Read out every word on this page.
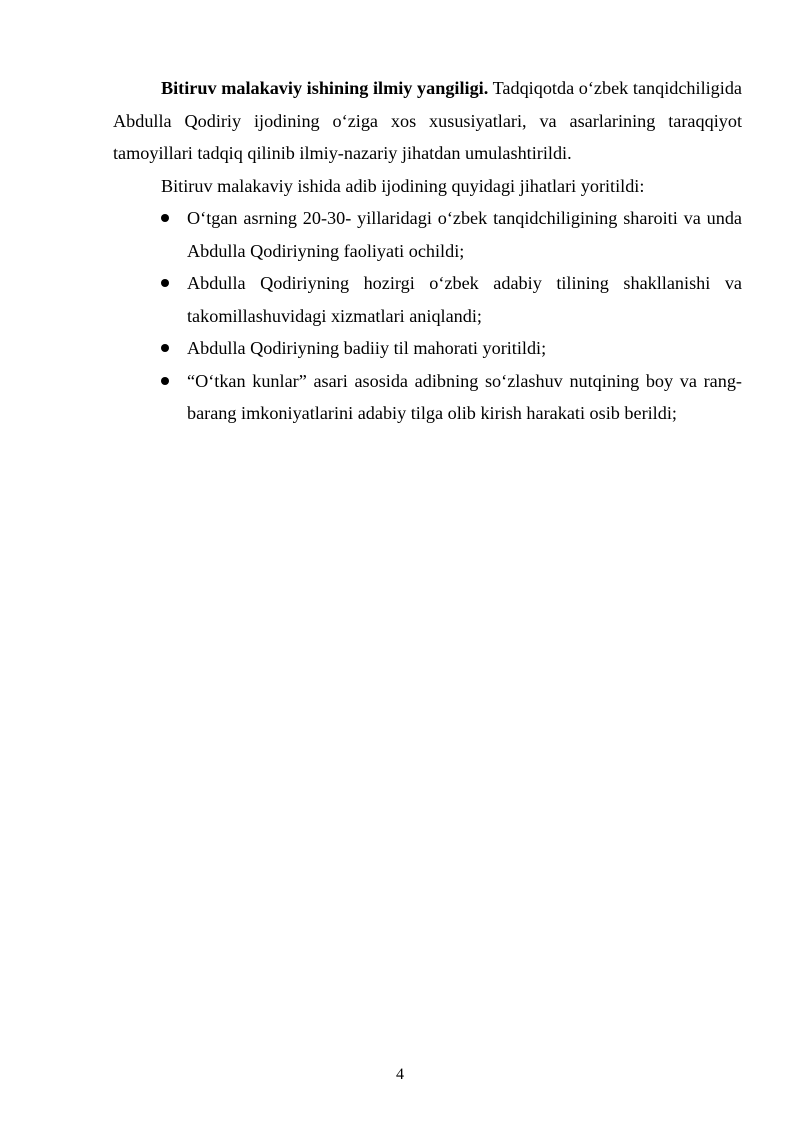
Bitiruv malakaviy ishining ilmiy yangiligi. Tadqiqotda o‘zbek tanqidchiligida Abdulla Qodiriy ijodining o‘ziga xos xususiyatlari, va asarlarining taraqqiyot tamoyillari tadqiq qilinib ilmiy-nazariy jihatdan umulashtirildi.

Bitiruv malakaviy ishida adib ijodining quyidagi jihatlari yoritildi:

O‘tgan asrning 20-30- yillaridagi o‘zbek tanqidchiligining sharoiti va unda Abdulla Qodiriyning faoliyati ochildi;
Abdulla Qodiriyning hozirgi o‘zbek adabiy tilining shakllanishi va takomillashuvidagi xizmatlari aniqlandi;
Abdulla Qodiriyning badiiy til mahorati yoritildi;
“O‘tkan kunlar” asari asosida adibning so‘zlashuv nutqining boy va rang-barang imkoniyatlarini adabiy tilga olib kirish harakati osib berildi;
4
